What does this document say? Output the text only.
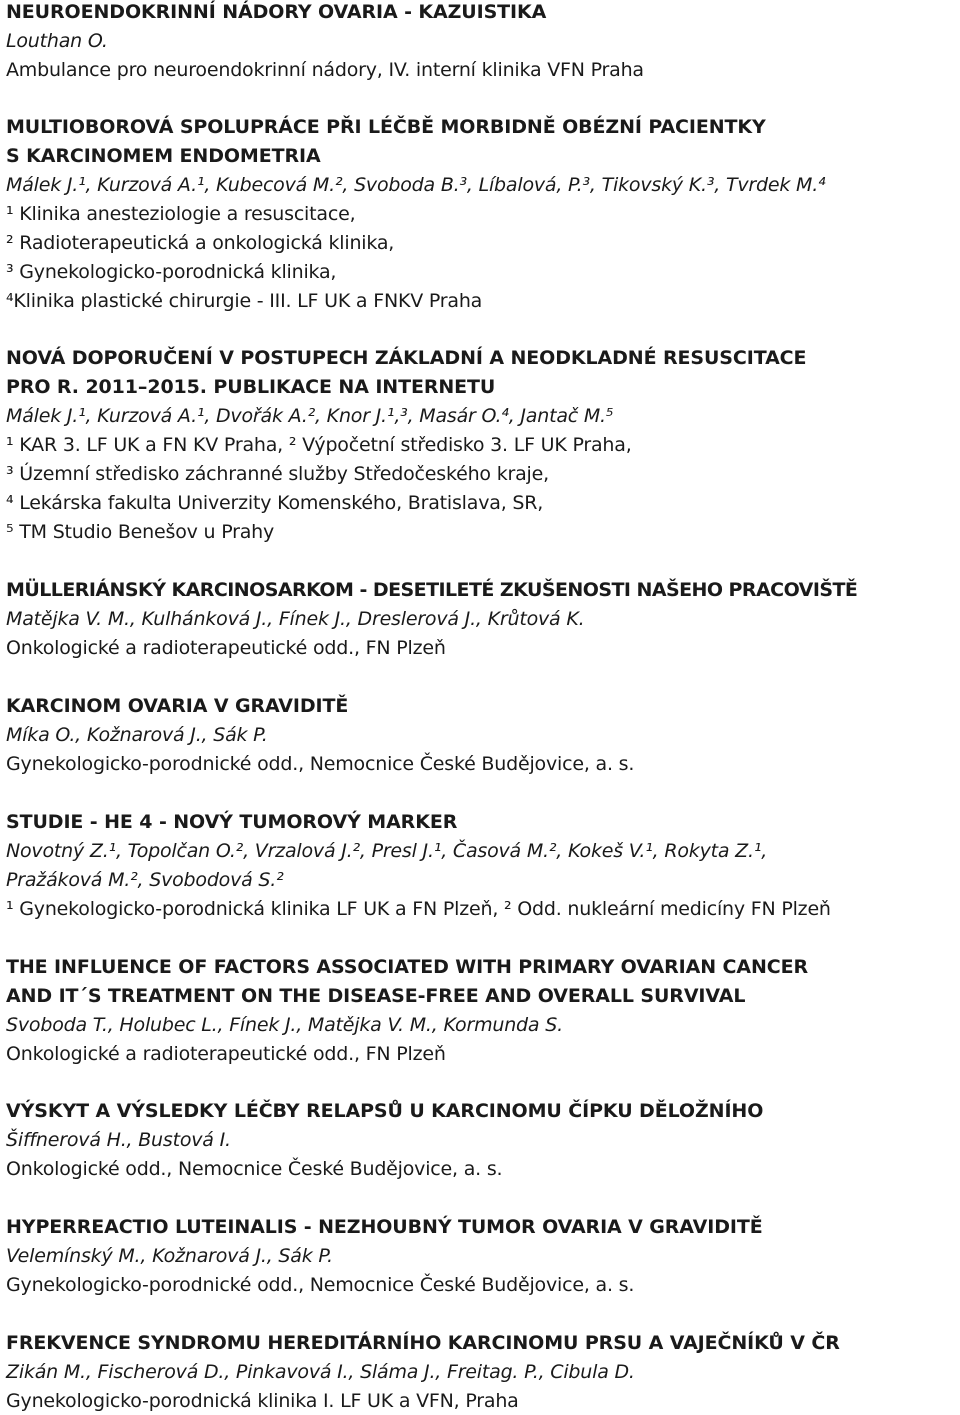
NEUROENDOKRINNÍ NÁDORY OVARIA - KAZUISTIKA
Louthan O.
Ambulance pro neuroendokrinní nádory, IV. interní klinika VFN Praha
MULTIOBOROVÁ SPOLUPRÁCE PŘI LÉČBĚ MORBIDNĚ OBÉZNÍ PACIENTKY
S KARCINOMEM ENDOMETRIA
Málek J.¹, Kurzová A.¹, Kubecová M.², Svoboda B.³, Líbalová, P.³, Tikovský K.³, Tvrdek M.⁴
¹ Klinika anesteziologie a resuscitace,
² Radioterapeutická a onkologická klinika,
³ Gynekologicko-porodnická klinika,
⁴Klinika plastické chirurgie - III. LF UK a FNKV Praha
NOVÁ DOPORUČENÍ V POSTUPECH ZÁKLADNÍ A NEODKLADNÉ RESUSCITACE
PRO R. 2011–2015. PUBLIKACE NA INTERNETU
Málek J.¹, Kurzová A.¹, Dvořák A.², Knor J.¹,³, Masár O.⁴, Jantač M.⁵
¹ KAR 3. LF UK a FN KV Praha, ² Výpočetní středisko 3. LF UK Praha,
³ Územní středisko záchranné služby Středočeského kraje,
⁴ Lekárska fakulta Univerzity Komenského, Bratislava, SR,
⁵ TM Studio Benešov u Prahy
MÜLLERIÁNSKÝ KARCINOSARKOM - DESETILETÉ ZKUŠENOSTI NAŠEHO PRACOVIŠTĚ
Matějka V. M., Kulhánková J., Fínek J., Dreslerová J., Krůtová K.
Onkologické a radioterapeutické odd., FN Plzeň
KARCINOM OVARIA V GRAVIDITĚ
Míka O., Kožnarová J., Sák P.
Gynekologicko-porodnické odd., Nemocnice České Budějovice, a. s.
STUDIE - HE 4 - NOVÝ TUMOROVÝ MARKER
Novotný Z.¹, Topolčan O.², Vrzalová J.², Presl J.¹, Časová M.², Kokeš V.¹, Rokyta Z.¹,
Pražáková M.², Svobodová S.²
¹ Gynekologicko-porodnická klinika LF UK a FN Plzeň, ² Odd. nukleární medicíny FN Plzeň
THE INFLUENCE OF FACTORS ASSOCIATED WITH PRIMARY OVARIAN CANCER
AND IT´S TREATMENT ON THE DISEASE-FREE AND OVERALL SURVIVAL
Svoboda T., Holubec L., Fínek J., Matějka V. M., Kormunda S.
Onkologické a radioterapeutické odd., FN Plzeň
VÝSKYT A VÝSLEDKY LÉČBY RELAPSŮ U KARCINOMU ČÍPKU DĚLOŽNÍHO
Šiffnerová H., Bustová I.
Onkologické odd., Nemocnice České Budějovice, a. s.
HYPERREACTIO LUTEINALIS - NEZHOUBNÝ TUMOR OVARIA V GRAVIDITĚ
Velemínský M., Kožnarová J., Sák P.
Gynekologicko-porodnické odd., Nemocnice České Budějovice, a. s.
FREKVENCE SYNDROMU HEREDITÁRNÍHO KARCINOMU PRSU A VAJEČNÍKŮ V ČR
Zikán M., Fischerová D., Pinkavová I., Sláma J., Freitag. P., Cibula D.
Gynekologicko-porodnická klinika I. LF UK a VFN, Praha
